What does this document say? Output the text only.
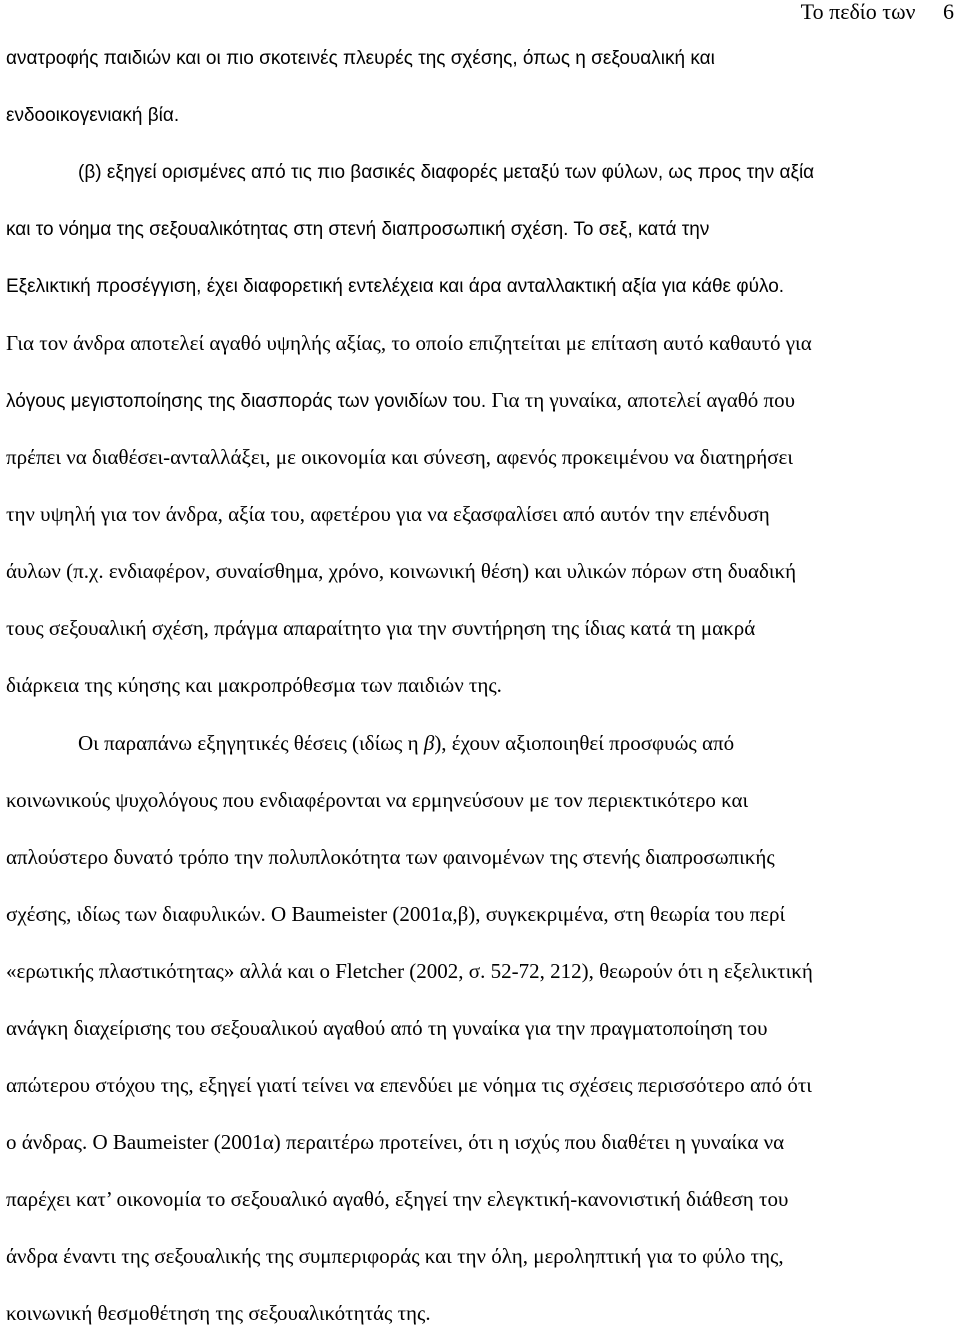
Το πεδίο των 6
ανατροφής παιδιών και οι πιο σκοτεινές πλευρές της σχέσης, όπως η σεξουαλική και
ενδοοικογενιακή βία.
(β) εξηγεί ορισμένες από τις πιο βασικές διαφορές μεταξύ των φύλων, ως προς την αξία
και το νόημα της σεξουαλικότητας στη στενή διαπροσωπική σχέση. Το σεξ, κατά την
Εξελικτική προσέγγιση, έχει διαφορετική εντελέχεια και άρα ανταλλακτική αξία για κάθε φύλο.
Για τον άνδρα αποτελεί αγαθό υψηλής αξίας, το οποίο επιζητείται με επίταση αυτό καθαυτό για
λόγους μεγιστοποίησης της διασποράς των γονιδίων του. Για τη γυναίκα, αποτελεί αγαθό που
πρέπει να διαθέσει-ανταλλάξει, με οικονομία και σύνεση, αφενός προκειμένου να διατηρήσει
την υψηλή για τον άνδρα, αξία του, αφετέρου για να εξασφαλίσει από αυτόν την επένδυση
άυλων (π.χ. ενδιαφέρον, συναίσθημα, χρόνο, κοινωνική θέση) και υλικών πόρων στη δυαδική
τους σεξουαλική σχέση, πράγμα απαραίτητο για την συντήρηση της ίδιας κατά τη μακρά
διάρκεια της κύησης και μακροπρόθεσμα των παιδιών της.
Οι παραπάνω εξηγητικές θέσεις (ιδίως η β), έχουν αξιοποιηθεί προσφυώς από
κοινωνικούς ψυχολόγους που ενδιαφέρονται να ερμηνεύσουν με τον περιεκτικότερο και
απλούστερο δυνατό τρόπο την πολυπλοκότητα των φαινομένων της στενής διαπροσωπικής
σχέσης, ιδίως των διαφυλικών. Ο Baumeister (2001α,β), συγκεκριμένα, στη θεωρία του περί
«ερωτικής πλαστικότητας» αλλά και ο Fletcher (2002, σ. 52-72, 212), θεωρούν ότι η εξελικτική
ανάγκη διαχείρισης του σεξουαλικού αγαθού από τη γυναίκα για την πραγματοποίηση του
απώτερου στόχου της, εξηγεί γιατί τείνει να επενδύει με νόημα τις σχέσεις περισσότερο από ότι
ο άνδρας. Ο Baumeister (2001α) περαιτέρω προτείνει, ότι η ισχύς που διαθέτει η γυναίκα να
παρέχει κατ’ οικονομία το σεξουαλικό αγαθό, εξηγεί την ελεγκτική-κανονιστική διάθεση του
άνδρα έναντι της σεξουαλικής της συμπεριφοράς και την όλη, μεροληπτική για το φύλο της,
κοινωνική θεσμοθέτηση της σεξουαλικότητάς της.
